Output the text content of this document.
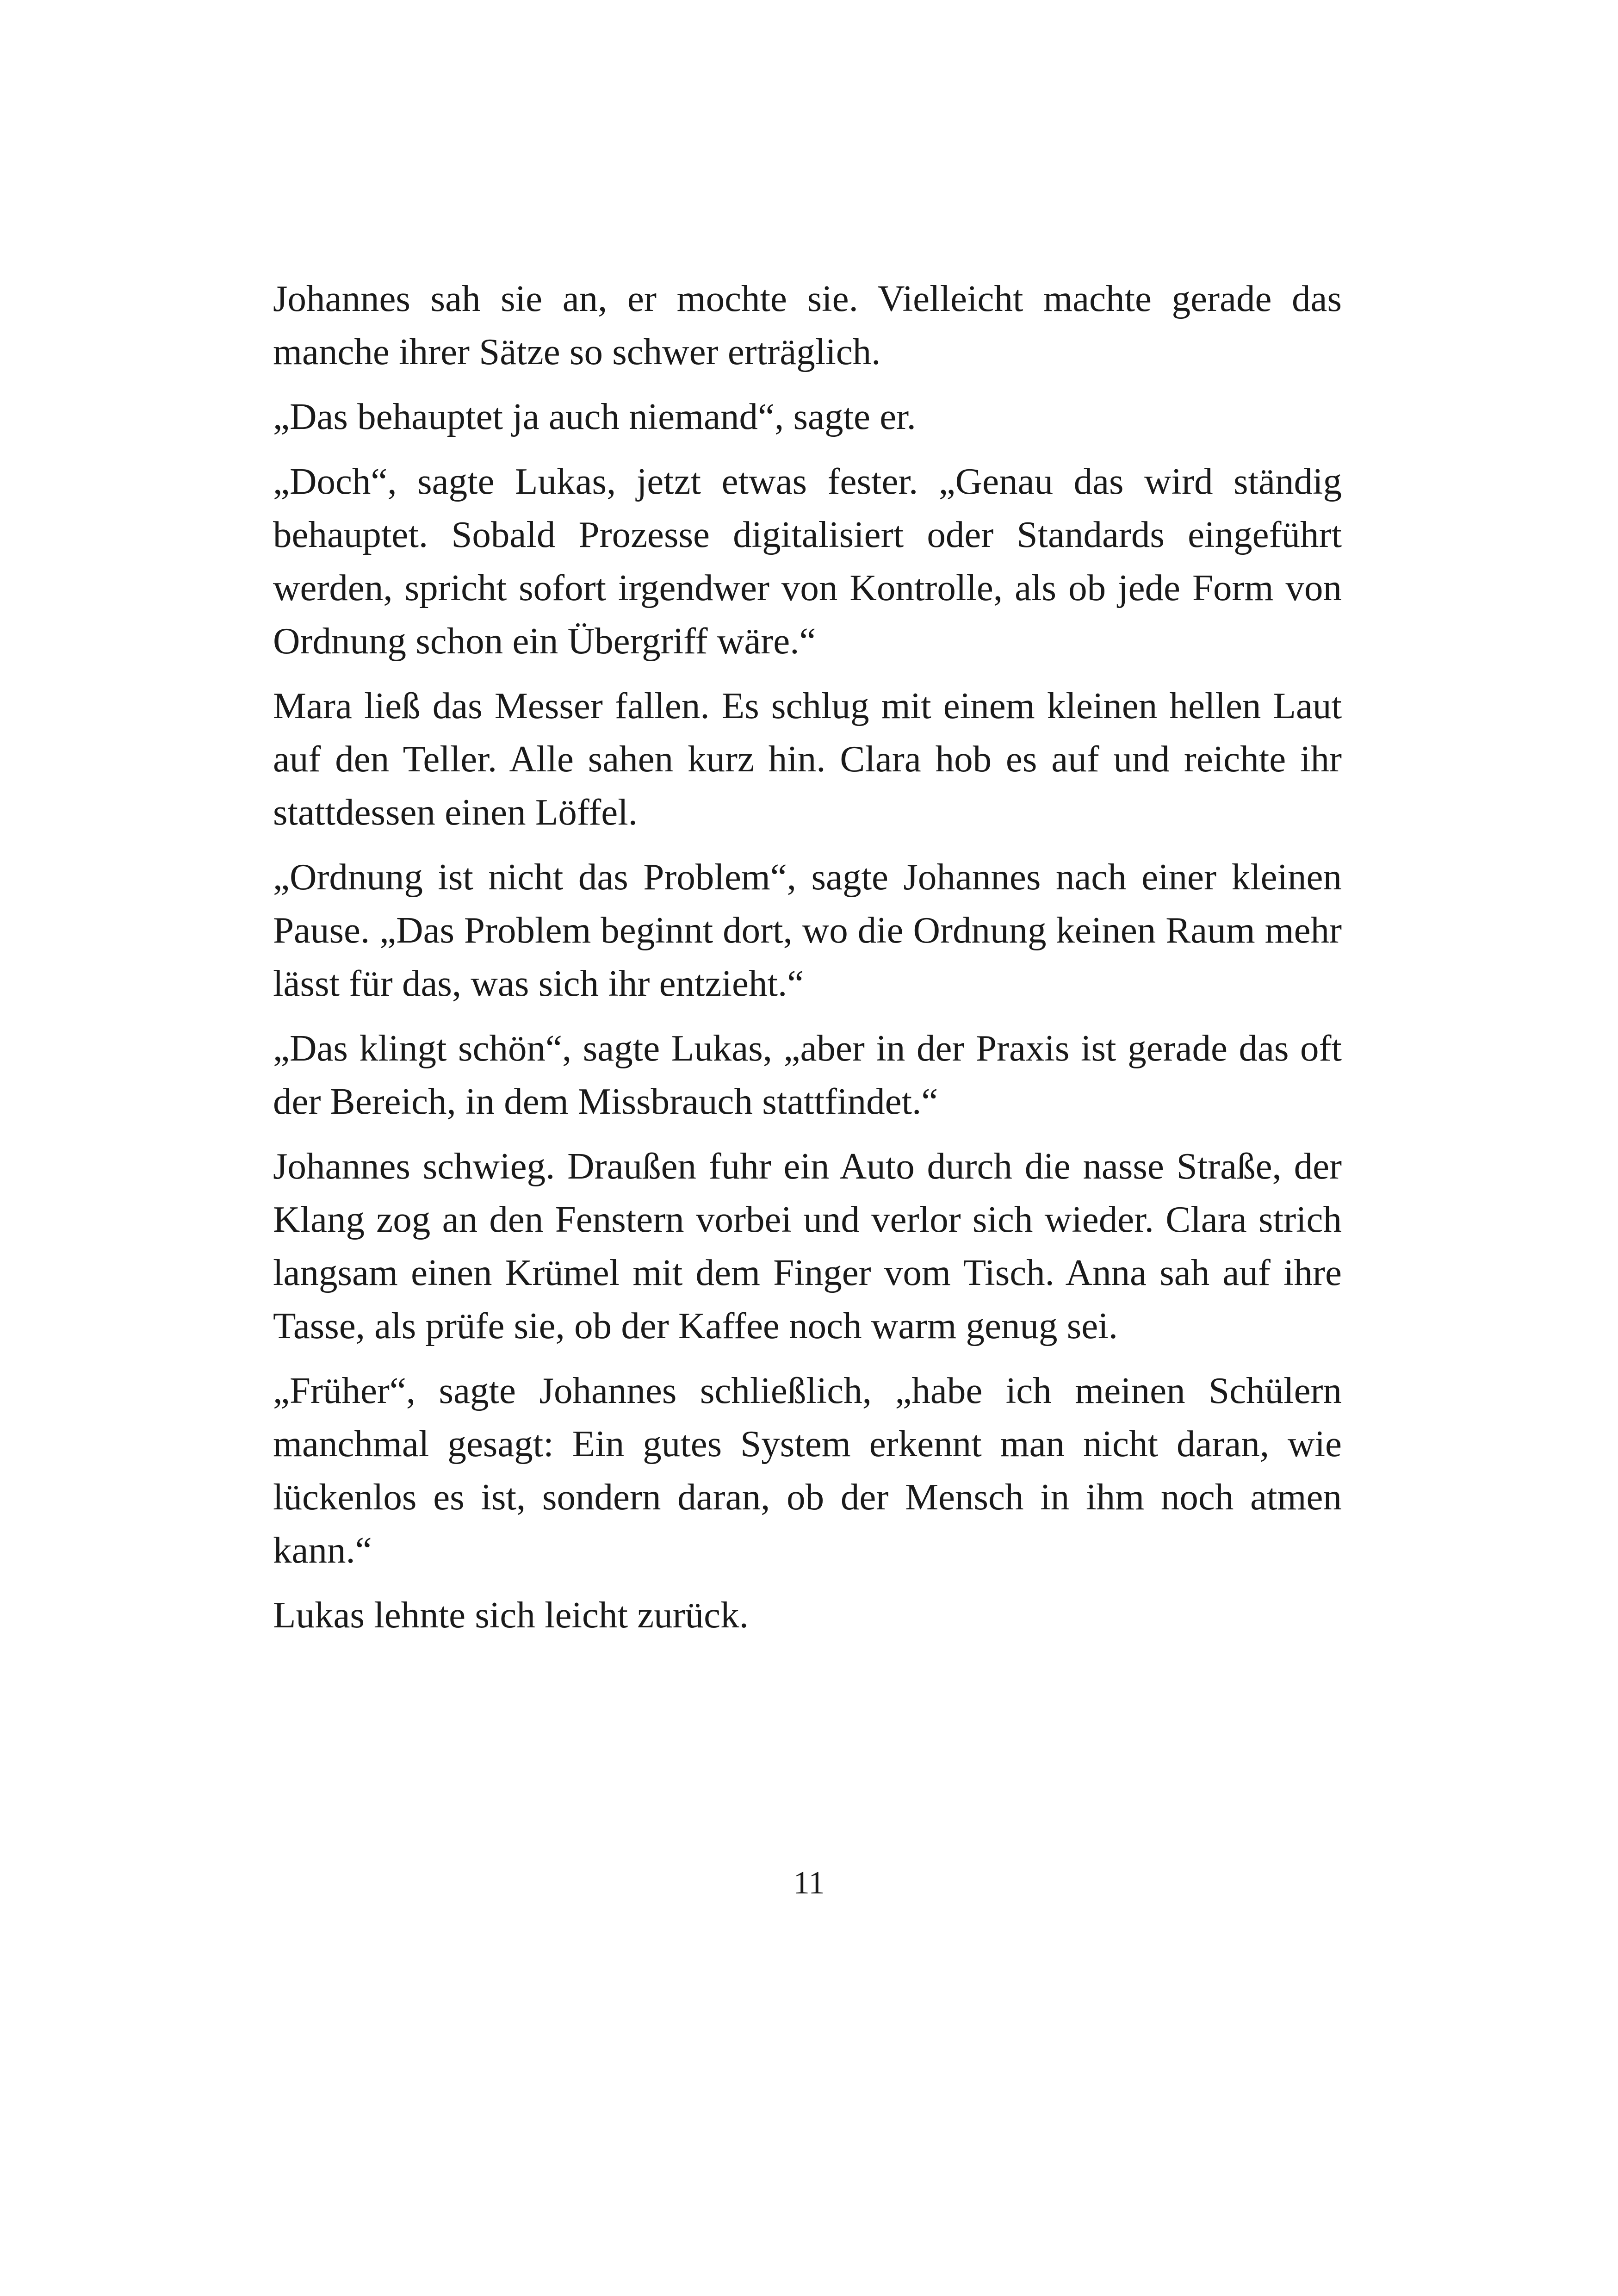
Johannes sah sie an, er mochte sie. Vielleicht machte gerade das manche ihrer Sätze so schwer erträglich.

„Das behauptet ja auch niemand“, sagte er.

„Doch“, sagte Lukas, jetzt etwas fester. „Genau das wird ständig behauptet. Sobald Prozesse digitalisiert oder Standards eingeführt werden, spricht sofort irgendwer von Kontrolle, als ob jede Form von Ordnung schon ein Übergriff wäre.“

Mara ließ das Messer fallen. Es schlug mit einem kleinen hellen Laut auf den Teller. Alle sahen kurz hin. Clara hob es auf und reichte ihr stattdessen einen Löffel.

„Ordnung ist nicht das Problem“, sagte Johannes nach einer kleinen Pause. „Das Problem beginnt dort, wo die Ordnung keinen Raum mehr lässt für das, was sich ihr entzieht.“

„Das klingt schön“, sagte Lukas, „aber in der Praxis ist gerade das oft der Bereich, in dem Missbrauch stattfindet.“

Johannes schwieg. Draußen fuhr ein Auto durch die nasse Straße, der Klang zog an den Fenstern vorbei und verlor sich wieder. Clara strich langsam einen Krümel mit dem Finger vom Tisch. Anna sah auf ihre Tasse, als prüfe sie, ob der Kaffee noch warm genug sei.

„Früher“, sagte Johannes schließlich, „habe ich meinen Schülern manchmal gesagt: Ein gutes System erkennt man nicht daran, wie lückenlos es ist, sondern daran, ob der Mensch in ihm noch atmen kann.“

Lukas lehnte sich leicht zurück.

11
